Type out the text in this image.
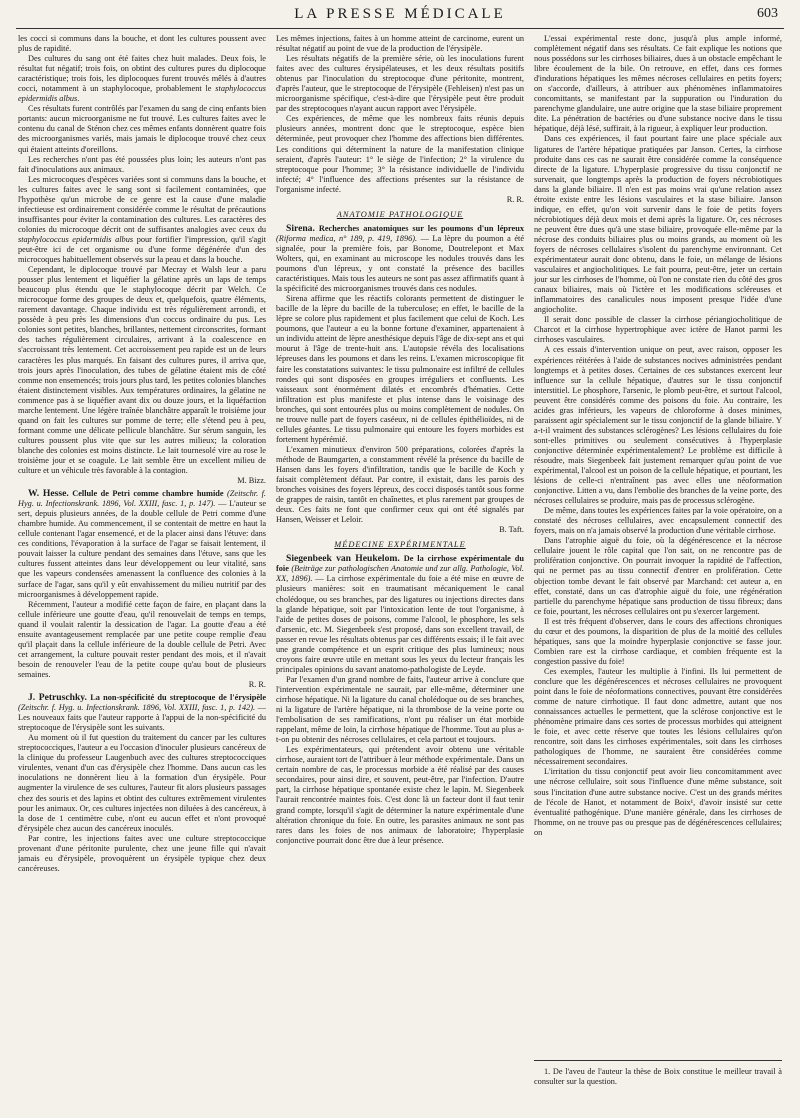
LA PRESSE MÉDICALE	603

les cocci si communs dans la bouche, et dont les cultures poussent avec plus de rapidité.

Des cultures du sang ont été faites chez huit malades. Deux fois, le résultat fut négatif; trois fois, on obtint des cultures pures du diplocoque caractéristique; trois fois, les diplocoques furent trouvés mêlés à d'autres cocci, notamment à un staphylocoque, probablement le staphylococcus epidermidis albus.

Ces résultats furent contrôlés par l'examen du sang de cinq enfants bien portants: aucun microorganisme ne fut trouvé. Les cultures faites avec le contenu du canal de Sténon chez ces mêmes enfants donnèrent quatre fois des microorganismes variés, mais jamais le diplocoque trouvé chez ceux qui étaient atteints d'oreillons.

Les recherches n'ont pas été poussées plus loin; les auteurs n'ont pas fait d'inoculations aux animaux.

Les microcoques d'espèces variées sont si communs dans la bouche, et les cultures faites avec le sang sont si facilement contaminées, que l'hypothèse qu'un microbe de ce genre est la cause d'une maladie infectieuse est ordinairement considérée comme le résultat de précautions insuffisantes pour éviter la contamination des cultures. Les caractères des colonies du microcoque décrit ont de suffisantes analogies avec ceux du staphylococcus epidermidis albus pour fortifier l'impression, qu'il s'agit peut-être ici de cet organisme ou d'une forme dégénérée d'un des microcoques habituellement observés sur la peau et dans la bouche.

Cependant, le diplocoque trouvé par Mecray et Walsh leur a paru pousser plus lentement et liquéfier la gélatine après un laps de temps beaucoup plus étendu que le staphylocoque décrit par Welch. Ce microcoque forme des groupes de deux et, quelquefois, quatre éléments, rarement davantage. Chaque individu est très régulièrement arrondi, et possède à peu près les dimensions d'un coccus ordinaire du pus. Les colonies sont petites, blanches, brillantes, nettement circonscrites, formant des taches régulièrement circulaires, arrivant à la coalescence en s'accroissant très lentement. Cet accroissement peu rapide est un de leurs caractères les plus marqués. En faisant des cultures pures, il arriva que, trois jours après l'inoculation, des tubes de gélatine étaient mis de côté comme non ensemencés; trois jours plus tard, les petites colonies blanches étaient distinctement visibles. Aux températures ordinaires, la gélatine ne commence pas à se liquéfier avant dix ou douze jours, et la liquéfaction marche lentement. Une légère traînée blanchâtre apparaît le troisième jour quand on fait les cultures sur pomme de terre; elle s'étend peu à peu, formant comme une délicate pellicule blanchâtre. Sur sérum sanguin, les cultures poussent plus vite que sur les autres milieux; la coloration blanche des colonies est moins distincte. Le lait tournesolé vire au rose le troisième jour et se coagule. Le lait semble être un excellent milieu de culture et un véhicule très favorable à la contagion.

M. Bizz.

W. Hesse. Cellule de Petri comme chambre humide (Zeitschr. f. Hyg. u. Infectionskrank. 1896, Vol. XXIII, fasc. 1, p. 147). — L'auteur se sert, depuis plusieurs années, de la double cellule de Petri comme d'une chambre humide. Au commencement, il se contentait de mettre en haut la cellule contenant l'agar ensemencé, et de la placer ainsi dans l'étuve: dans ces conditions, l'évaporation à la surface de l'agar se faisait lentement, il pouvait laisser la culture pendant des semaines dans l'étuve, sans que les cultures fussent atteintes dans leur développement ou leur vitalité, sans que les vapeurs condensées amenassent la confluence des colonies à la surface de l'agar, sans qu'il y eût envahissement du milieu nutritif par des microorganismes à développement rapide.

Récemment, l'auteur a modifié cette façon de faire, en plaçant dans la cellule inférieure une goutte d'eau, qu'il renouvelait de temps en temps, quand il voulait ralentir la dessication de l'agar. La goutte d'eau a été ensuite avantageusement remplacée par une petite coupe remplie d'eau qu'il plaçait dans la cellule inférieure de la double cellule de Petri. Avec cet arrangement, la culture pouvait rester pendant des mois, et il n'avait besoin de renouveler l'eau de la petite coupe qu'au bout de plusieurs semaines.

R. R.

J. Petruschky. La non-spécificité du streptocoque de l'érysipèle (Zeitschr. f. Hyg. u. Infectionskrank. 1896, Vol. XXIII, fasc. 1, p. 142). — Les nouveaux faits que l'auteur rapporte à l'appui de la non-spécificité du streptocoque de l'érysipèle sont les suivants.

Au moment où il fut question du traitement du cancer par les cultures streptococciques, l'auteur a eu l'occasion d'inoculer plusieurs cancéreux de la clinique du professeur Laugenbuch avec des cultures streptococciques virulentes, venant d'un cas d'érysipèle chez l'homme. Dans aucun cas les inoculations ne donnèrent lieu à la formation d'un érysipèle. Pour augmenter la virulence de ses cultures, l'auteur fit alors plusieurs passages chez des souris et des lapins et obtint des cultures extrêmement virulentes pour les animaux. Or, ces cultures injectées non diluées à des cancéreux, à la dose de 1 centimètre cube, n'ont eu aucun effet et n'ont provoqué d'érysipèle chez aucun des cancéreux inoculés.

Par contre, les injections faites avec une culture streptococcique provenant d'une péritonite purulente, chez une jeune fille qui n'avait jamais eu d'érysipèle, provoquèrent un érysipèle typique chez deux cancéreuses.

Les mêmes injections, faites à un homme atteint de carcinome, eurent un résultat négatif au point de vue de la production de l'érysipèle.

Les résultats négatifs de la première série, où les inoculations furent faites avec des cultures érysipélateuses, et les deux résultats positifs obtenus par l'inoculation du streptocoque d'une péritonite, montrent, d'après l'auteur, que le streptocoque de l'érysipèle (Fehleisen) n'est pas un microorganisme spécifique, c'est-à-dire que l'érysipèle peut être produit par des streptocoques n'ayant aucun rapport avec l'érysipèle.

Ces expériences, de même que les nombreux faits réunis depuis plusieurs années, montrent donc que le streptocoque, espèce bien déterminée, peut provoquer chez l'homme des affections bien différentes. Les conditions qui déterminent la nature de la manifestation clinique seraient, d'après l'auteur: 1° le siège de l'infection; 2° la virulence du streptocoque pour l'homme; 3° la résistance individuelle de l'individu infecté; 4° l'influence des affections présentes sur la résistance de l'organisme infecté.

R. R.

ANATOMIE PATHOLOGIQUE

Sirena. Recherches anatomiques sur les poumons d'un lépreux (Riforma medica, n° 189, p. 419, 1896). — La lèpre du poumon a été signalée, pour la première fois, par Bonome, Doutrelepont et Max Wolters, qui, en examinant au microscope les nodules trouvés dans les poumons d'un lépreux, y ont constaté la présence des bacilles caractéristiques. Mais tous les auteurs ne sont pas assez affirmatifs quant à la spécificité des microorganismes trouvés dans ces nodules.

Sirena affirme que les réactifs colorants permettent de distinguer le bacille de la lèpre du bacille de la tuberculose; en effet, le bacille de la lèpre se colore plus rapidement et plus facilement que celui de Koch. Les poumons, que l'auteur a eu la bonne fortune d'examiner, appartenaient à un individu atteint de lèpre anesthésique depuis l'âge de dix-sept ans et qui mourut à l'âge de trente-huit ans. L'autopsie révéla des localisations lépreuses dans les poumons et dans les reins. L'examen microscopique fit faire les constatations suivantes: le tissu pulmonaire est infiltré de cellules rondes qui sont disposées en groupes irréguliers et confluents. Les vaisseaux sont énormément dilatés et encombrés d'hématies. Cette infiltration est plus manifeste et plus intense dans le voisinage des bronches, qui sont entourées plus ou moins complètement de nodules. On ne trouve nulle part de foyers caséeux, ni de cellules épithélioïdes, ni de cellules géantes. Le tissu pulmonaire qui entoure les foyers morbides est fortement hypérémié.

L'examen minutieux d'environ 500 préparations, colorées d'après la méthode de Baumgarten, a constamment révélé la présence du bacille de Hansen dans les foyers d'infiltration, tandis que le bacille de Koch y faisait complètement défaut. Par contre, il existait, dans les parois des bronches voisines des foyers lépreux, des cocci disposés tantôt sous forme de grappes de raisin, tantôt en chaînettes, et plus rarement par groupes de deux. Ces faits ne font que confirmer ceux qui ont été signalés par Hansen, Weisser et Leloir.

B. Taft.

MÉDECINE EXPÉRIMENTALE

Siegenbeek van Heukelom. De la cirrhose expérimentale du foie (Beiträge zur pathologischen Anatomie und zur allg. Pathologie, Vol. XX, 1896). — La cirrhose expérimentale du foie a été mise en œuvre de plusieurs manières: soit en traumatisant mécaniquement le canal cholédoque, ou ses branches, par des ligatures ou injections directes dans la glande hépatique, soit par l'intoxication lente de tout l'organisme, à l'aide de petites doses de poisons, comme l'alcool, le phosphore, les sels d'arsenic, etc. M. Siegenbeek s'est proposé, dans son excellent travail, de passer en revue les résultats obtenus par ces différents essais; il le fait avec une grande compétence et un esprit critique des plus lumineux; nous croyons faire œuvre utile en mettant sous les yeux du lecteur français les principales opinions du savant anatomo-pathologiste de Leyde.

Par l'examen d'un grand nombre de faits, l'auteur arrive à conclure que l'intervention expérimentale ne saurait, par elle-même, déterminer une cirrhose hépatique. Ni la ligature du canal cholédoque ou de ses branches, ni la ligature de l'artère hépatique, ni la thrombose de la veine porte ou l'embolisation de ses ramifications, n'ont pu réaliser un état morbide rappelant, même de loin, la cirrhose hépatique de l'homme. Tout au plus a-t-on pu obtenir des nécroses cellulaires, et cela partout et toujours.

Les expérimentateurs, qui prétendent avoir obtenu une véritable cirrhose, auraient tort de l'attribuer à leur méthode expérimentale. Dans un certain nombre de cas, le processus morbide a été réalisé par des causes secondaires, pour ainsi dire, et souvent, peut-être, par l'infection. D'autre part, la cirrhose hépatique spontanée existe chez le lapin. M. Siegenbeek l'aurait rencontrée maintes fois. C'est donc là un facteur dont il faut tenir grand compte, lorsqu'il s'agit de déterminer la nature expérimentale d'une altération chronique du foie. En outre, les parasites animaux ne sont pas rares dans les foies de nos animaux de laboratoire; l'hyperplasie conjonctive pourrait donc être due à leur présence.

L'essai expérimental reste donc, jusqu'à plus ample informé, complètement négatif dans ses résultats. Ce fait explique les notions que nous possédons sur les cirrhoses biliaires, dues à un obstacle empêchant le libre écoulement de la bile. On retrouve, en effet, dans ces formes d'indurations hépatiques les mêmes nécroses cellulaires en petits foyers; on s'accorde, d'ailleurs, à attribuer aux phénomènes inflammatoires concomittants, se manifestant par la suppuration ou l'induration du parenchyme glandulaire, une autre origine que la stase biliaire proprement dite. La pénétration de bactéries ou d'une substance nocive dans le tissu hépatique, déjà lésé, suffirait, à la rigueur, à expliquer leur production.

Dans ces expériences, il faut pourtant faire une place spéciale aux ligatures de l'artère hépatique pratiquées par Janson. Certes, la cirrhose produite dans ces cas ne saurait être considérée comme la conséquence directe de la ligature. L'hyperplasie progressive du tissu conjonctif ne survenait, que longtemps après la production de foyers nécrobiotiques dans la glande biliaire. Il n'en est pas moins vrai qu'une relation assez étroite existe entre les lésions vasculaires et la stase biliaire. Janson indique, en effet, qu'on voit survenir dans le foie de petits foyers nécrobiotiques déjà deux mois et demi après la ligature. Or, ces nécroses ne peuvent être dues qu'à une stase biliaire, provoquée elle-même par la nécrose des conduits biliaires plus ou moins grands, au moment où les foyers de nécroses cellulaires s'isolent du parenchyme environnant. Cet expérimentateur aurait donc obtenu, dans le foie, un mélange de lésions vasculaires et angiocholitiques. Le fait pourra, peut-être, jeter un certain jour sur les cirrhoses de l'homme, où l'on ne constate rien du côté des gros canaux biliaires, mais où l'ictère et les modifications scléreuses et inflammatoires des canalicules nous imposent presque l'idée d'une angiocholite.

Il serait donc possible de classer la cirrhose périangiocholitique de Charcot et la cirrhose hypertrophique avec ictère de Hanot parmi les cirrhoses vasculaires.

A ces essais d'intervention unique on peut, avec raison, opposer les expériences réitérées à l'aide de substances nocives administrées pendant longtemps et à petites doses. Certaines de ces substances exercent leur influence sur la cellule hépatique, d'autres sur le tissu conjonctif interstitiel. Le phosphore, l'arsenic, le plomb peut-être, et surtout l'alcool, peuvent être considérés comme des poisons du foie. Au contraire, les acides gras inférieurs, les vapeurs de chloroforme à doses minimes, paraissent agir spécialement sur le tissu conjonctif de la glande biliaire. Y a-t-il vraiment des substances sclérogènes? Les lésions cellulaires du foie sont-elles primitives ou seulement consécutives à l'hyperplasie conjonctive déterminée expérimentalement? Le problème est difficile à résoudre, mais Siegenbeek fait justement remarquer qu'au point de vue expérimental, l'alcool est un poison de la cellule hépatique, et pourtant, les lésions de celle-ci n'entraînent pas avec elles une néoformation conjonctive. Litten a vu, dans l'embolie des branches de la veine porte, des nécroses cellulaires se produire, mais pas de processus sclérogène.

De même, dans toutes les expériences faites par la voie opératoire, on a constaté des nécroses cellulaires, avec encapsulement connectif des foyers, mais on n'a jamais observé la production d'une véritable cirrhose.

Dans l'atrophie aiguë du foie, où la dégénérescence et la nécrose cellulaire jouent le rôle capital que l'on sait, on ne rencontre pas de prolifération conjonctive. On pourrait invoquer la rapidité de l'affection, qui ne permet pas au tissu connectif d'entrer en prolifération. Cette objection tombe devant le fait observé par Marchand: cet auteur a, en effet, constaté, dans un cas d'atrophie aiguë du foie, une régénération partielle du parenchyme hépatique sans production de tissu fibreux; dans ce foie, pourtant, les nécroses cellulaires ont pu s'exercer largement.

Il est très fréquent d'observer, dans le cours des affections chroniques du cœur et des poumons, la disparition de plus de la moitié des cellules hépatiques, sans que la moindre hyperplasie conjonctive se fasse jour. Combien rare est la cirrhose cardiaque, et combien fréquente est la congestion passive du foie!

Ces exemples, l'auteur les multiplie à l'infini. Ils lui permettent de conclure que les dégénérescences et nécroses cellulaires ne provoquent point dans le foie de néoformations connectives, pouvant être considérées comme de nature cirrhotique. Il faut donc admettre, autant que nos connaissances actuelles le permettent, que la sclérose conjonctive est le phénomène primaire dans ces sortes de processus morbides qui atteignent le foie, et avec cette réserve que toutes les lésions cellulaires qu'on rencontre, soit dans les cirrhoses expérimentales, soit dans les cirrhoses pathologiques de l'homme, ne sauraient être considérées comme nécessairement secondaires.

L'irritation du tissu conjonctif peut avoir lieu concomitamment avec une nécrose cellulaire, soit sous l'influence d'une même substance, soit sous l'incitation d'une autre substance nocive. C'est un des grands mérites de l'école de Hanot, et notamment de Boix¹, d'avoir insisté sur cette éventualité pathogénique. D'une manière générale, dans les cirrhoses de l'homme, on ne trouve pas ou presque pas de dégénérescences cellulaires; on

1. De l'aveu de l'auteur la thèse de Boix constitue le meilleur travail à consulter sur la question.
